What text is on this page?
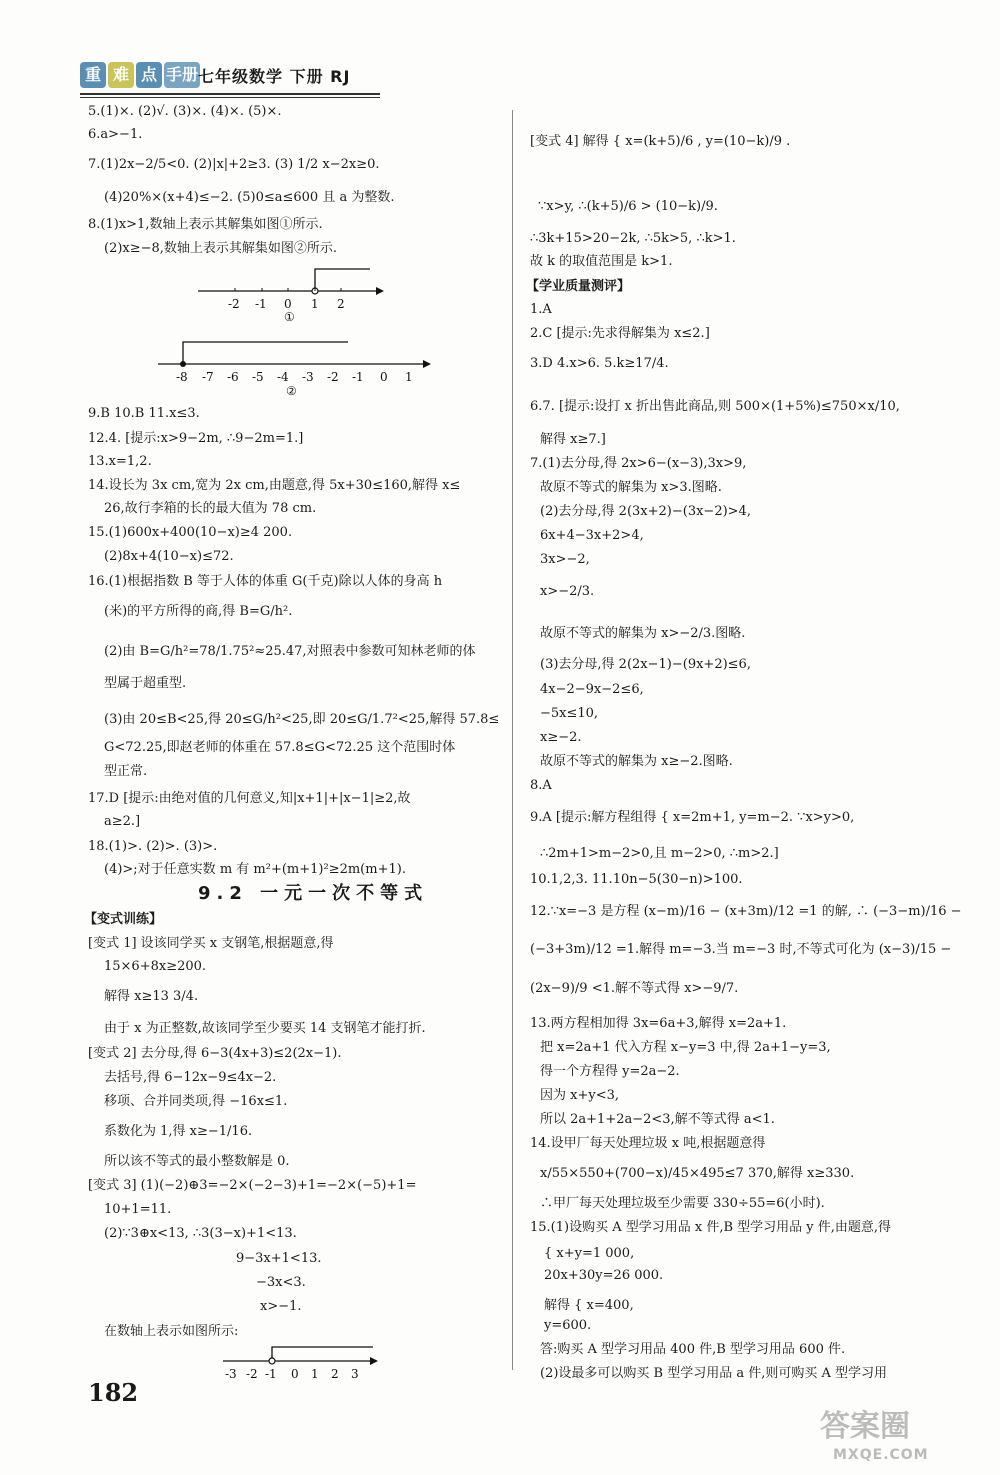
重 难 点 手册 七年级数学 下册 RJ
5.(1)×. (2)√. (3)×. (4)×. (5)×.
6.a>−1.
7.(1)2x−2/5<0. (2)|x|+2≥3. (3) 1/2 x−2x≥0.
(4)20%×(x+4)≤−2. (5)0≤a≤600 且 a 为整数.
8.(1)x>1,数轴上表示其解集如图①所示.
(2)x≥−8,数轴上表示其解集如图②所示.
-2 -1 0 1 2
①
-8 -7 -6 -5 -4 -3 -2 -1 0 1
②
9.B 10.B 11.x≤3.
12.4. [提示:x>9−2m, ∴9−2m=1.]
13.x=1,2.
14.设长为 3x cm,宽为 2x cm,由题意,得 5x+30≤160,解得 x≤
26,故行李箱的长的最大值为 78 cm.
15.(1)600x+400(10−x)≥4 200.
(2)8x+4(10−x)≤72.
16.(1)根据指数 B 等于人体的体重 G(千克)除以人体的身高 h
(米)的平方所得的商,得 B=G/h².
(2)由 B=G/h²=78/1.75²≈25.47,对照表中参数可知林老师的体
型属于超重型.
(3)由 20≤B<25,得 20≤G/h²<25,即 20≤G/1.7²<25,解得 57.8≤
G<72.25,即赵老师的体重在 57.8≤G<72.25 这个范围时体
型正常.
17.D [提示:由绝对值的几何意义,知|x+1|+|x−1|≥2,故
a≥2.]
18.(1)>. (2)>. (3)>.
(4)>;对于任意实数 m 有 m²+(m+1)²≥2m(m+1).
9.2 一元一次不等式
【变式训练】
[变式 1] 设该同学买 x 支钢笔,根据题意,得
15×6+8x≥200.
解得 x≥13 3/4.
由于 x 为正整数,故该同学至少要买 14 支钢笔才能打折.
[变式 2] 去分母,得 6−3(4x+3)≤2(2x−1).
去括号,得 6−12x−9≤4x−2.
移项、合并同类项,得 −16x≤1.
系数化为 1,得 x≥−1/16.
所以该不等式的最小整数解是 0.
[变式 3] (1)(−2)⊕3=−2×(−2−3)+1=−2×(−5)+1=
10+1=11.
(2)∵3⊕x<13, ∴3(3−x)+1<13.
9−3x+1<13.
−3x<3.
x>−1.
在数轴上表示如图所示:
-3 -2 -1 0 1 2 3
[变式 4] 解得 { x=(k+5)/6 , y=(10−k)/9 .
∵x>y, ∴(k+5)/6 > (10−k)/9.
∴3k+15>20−2k, ∴5k>5, ∴k>1.
故 k 的取值范围是 k>1.
【学业质量测评】
1.A
2.C [提示:先求得解集为 x≤2.]
3.D 4.x>6. 5.k≥17/4.
6.7. [提示:设打 x 折出售此商品,则 500×(1+5%)≤750×x/10,
解得 x≥7.]
7.(1)去分母,得 2x>6−(x−3),3x>9,
故原不等式的解集为 x>3.图略.
(2)去分母,得 2(3x+2)−(3x−2)>4,
6x+4−3x+2>4,
3x>−2,
x>−2/3.
故原不等式的解集为 x>−2/3.图略.
(3)去分母,得 2(2x−1)−(9x+2)≤6,
4x−2−9x−2≤6,
−5x≤10,
x≥−2.
故原不等式的解集为 x≥−2.图略.
8.A
9.A [提示:解方程组得 { x=2m+1, y=m−2. ∵x>y>0,
∴2m+1>m−2>0,且 m−2>0, ∴m>2.]
10.1,2,3. 11.10n−5(30−n)>100.
12.∵x=−3 是方程 (x−m)/16 − (x+3m)/12 =1 的解, ∴ (−3−m)/16 −
(−3+3m)/12 =1.解得 m=−3.当 m=−3 时,不等式可化为 (x−3)/15 −
(2x−9)/9 <1.解不等式得 x>−9/7.
13.两方程相加得 3x=6a+3,解得 x=2a+1.
把 x=2a+1 代入方程 x−y=3 中,得 2a+1−y=3,
得一个方程得 y=2a−2.
因为 x+y<3,
所以 2a+1+2a−2<3,解不等式得 a<1.
14.设甲厂每天处理垃圾 x 吨,根据题意得
x/55×550+(700−x)/45×495≤7 370,解得 x≥330.
∴甲厂每天处理垃圾至少需要 330÷55=6(小时).
15.(1)设购买 A 型学习用品 x 件,B 型学习用品 y 件,由题意,得
{ x+y=1 000,
20x+30y=26 000.
解得 { x=400,
y=600.
答:购买 A 型学习用品 400 件,B 型学习用品 600 件.
(2)设最多可以购买 B 型学习用品 a 件,则可购买 A 型学习用
182
答案圈
MXQE.COM
